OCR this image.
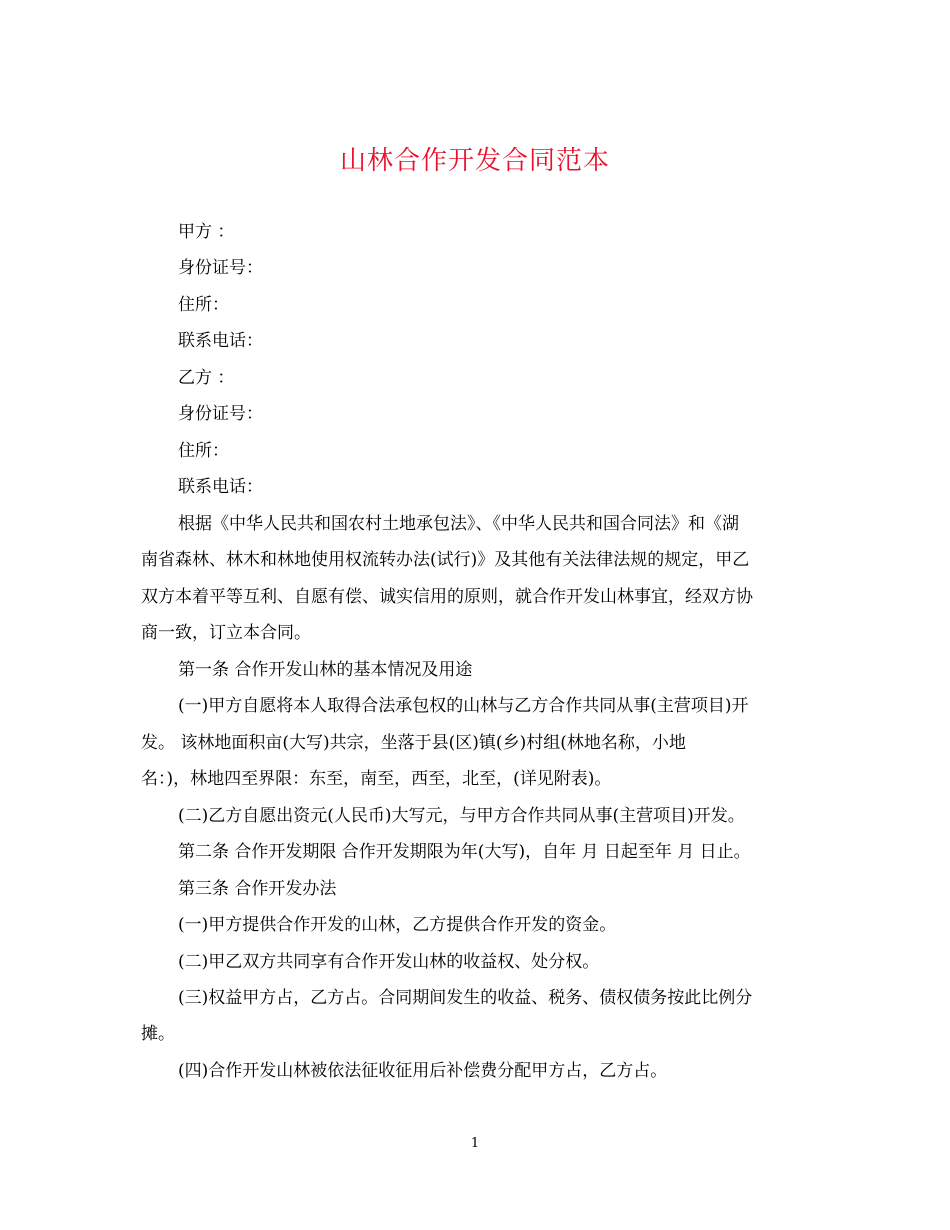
山林合作开发合同范本
甲方 ：
身份证号：
住所：
联系电话：
乙方 ：
身份证号：
住所：
联系电话：
根据《中华人民共和国农村土地承包法》、《中华人民共和国合同法》和《湖
南省森林、林木和林地使用权流转办法(试行)》及其他有关法律法规的规定，甲乙
双方本着平等互利、自愿有偿、诚实信用的原则，就合作开发山林事宜，经双方协
商一致，订立本合同。
第一条 合作开发山林的基本情况及用途
(一)甲方自愿将本人取得合法承包权的山林与乙方合作共同从事(主营项目)开
发。 该林地面积亩(大写)共宗，坐落于县(区)镇(乡)村组(林地名称，小地
名：)，林地四至界限：东至，南至，西至，北至，(详见附表)。
(二)乙方自愿出资元(人民币)大写元，与甲方合作共同从事(主营项目)开发。
第二条 合作开发期限 合作开发期限为年(大写)，自年 月 日起至年 月 日止。
第三条 合作开发办法
(一)甲方提供合作开发的山林，乙方提供合作开发的资金。
(二)甲乙双方共同享有合作开发山林的收益权、处分权。
(三)权益甲方占，乙方占。合同期间发生的收益、税务、债权债务按此比例分
摊。
(四)合作开发山林被依法征收征用后补偿费分配甲方占，乙方占。
1
